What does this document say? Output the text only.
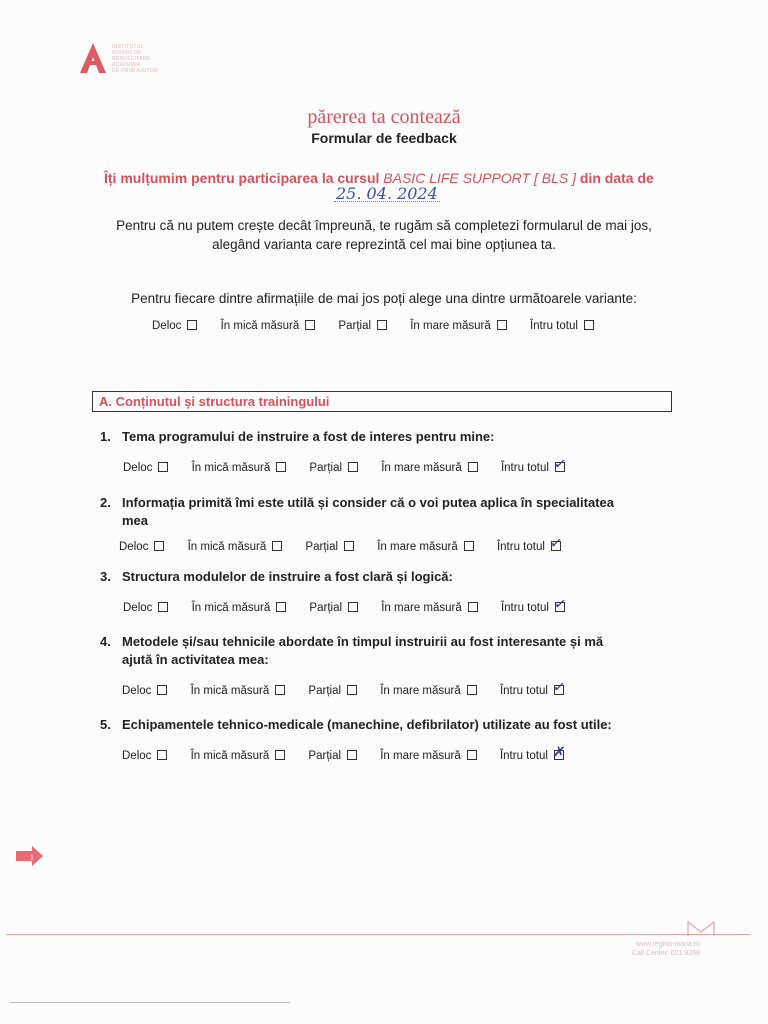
INSTITUTUL
ROMÂN DE
RESUSCITARE
ACADEMIA
DE PRIM AJUTOR
părerea ta contează
Formular de feedback
Îți mulțumim pentru participarea la cursul BASIC LIFE SUPPORT [ BLS ] din data de
25. 04. 2024
Pentru că nu putem crește decât împreună, te rugăm să completezi formularul de mai jos,
alegând varianta care reprezintă cel mai bine opțiunea ta.
Pentru fiecare dintre afirmațiile de mai jos poți alege una dintre următoarele variante:
Deloc	În mică măsură	Parțial	În mare măsură	Întru totul
A. Conținutul și structura trainingului
1. Tema programului de instruire a fost de interes pentru mine:
Deloc	În mică măsură	Parțial	În mare măsură	Întru totul ✓
2. Informația primită îmi este utilă și consider că o voi putea aplica în specialitatea
mea
Deloc	În mică măsură	Parțial	În mare măsură	Întru totul ✓
3. Structura modulelor de instruire a fost clară și logică:
Deloc	În mică măsură	Parțial	În mare măsură	Întru totul ✓
4. Metodele și/sau tehnicile abordate în timpul instruirii au fost interesante și mă
ajută în activitatea mea:
Deloc	În mică măsură	Parțial	În mare măsură	Întru totul ✓
5. Echipamentele tehnico-medicale (manechine, defibrilator) utilizate au fost utile:
Deloc	În mică măsură	Parțial	În mare măsură	Întru totul ✗
1
www.regina-maria.ro
Call Center: 021 9268
